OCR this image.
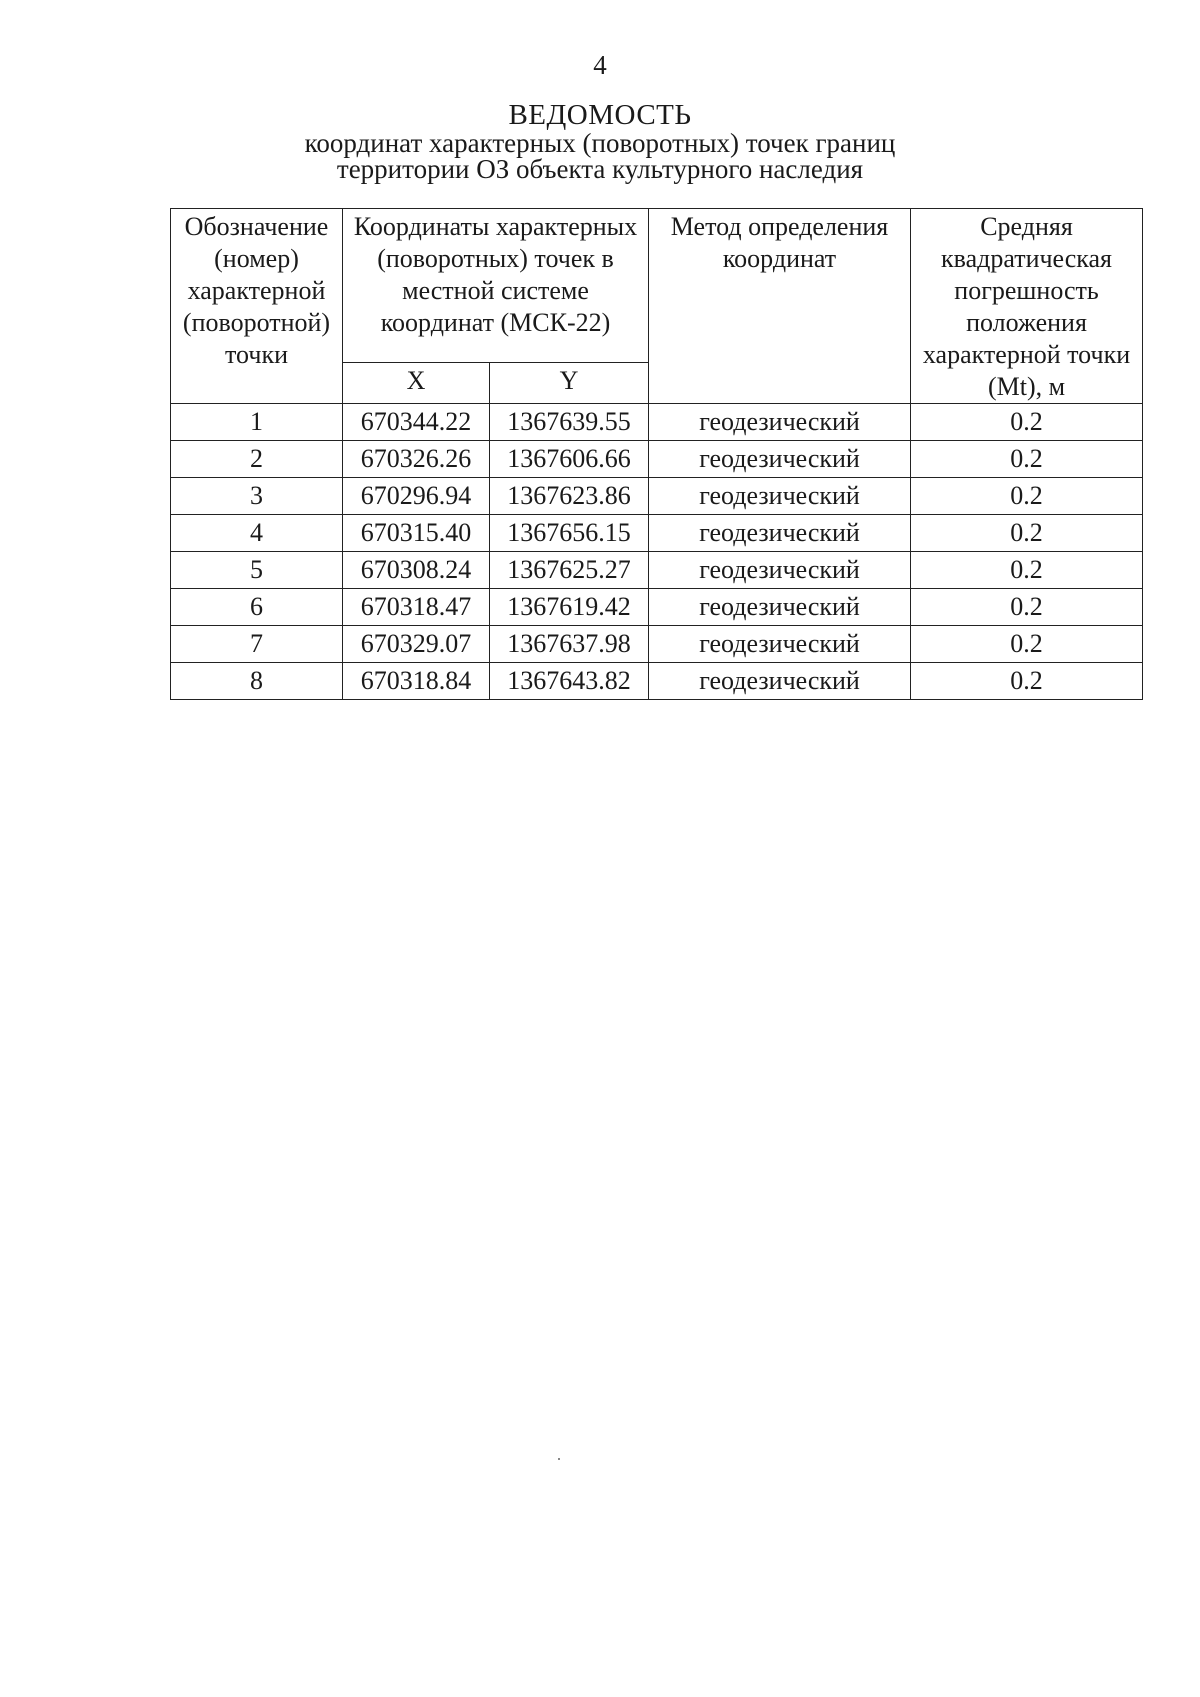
4

ВЕДОМОСТЬ

координат характерных (поворотных) точек границ

территории ОЗ объекта культурного наследия

Обозначение (номер) характерной (поворотной) точки	Координаты характерных (поворотных) точек в местной системе координат (МСК-22)		Метод определения координат	Средняя квадратическая погрешность положения характерной точки (Mt), м
	X	Y		
1	670344.22	1367639.55	геодезический	0.2
2	670326.26	1367606.66	геодезический	0.2
3	670296.94	1367623.86	геодезический	0.2
4	670315.40	1367656.15	геодезический	0.2
5	670308.24	1367625.27	геодезический	0.2
6	670318.47	1367619.42	геодезический	0.2
7	670329.07	1367637.98	геодезический	0.2
8	670318.84	1367643.82	геодезический	0.2
